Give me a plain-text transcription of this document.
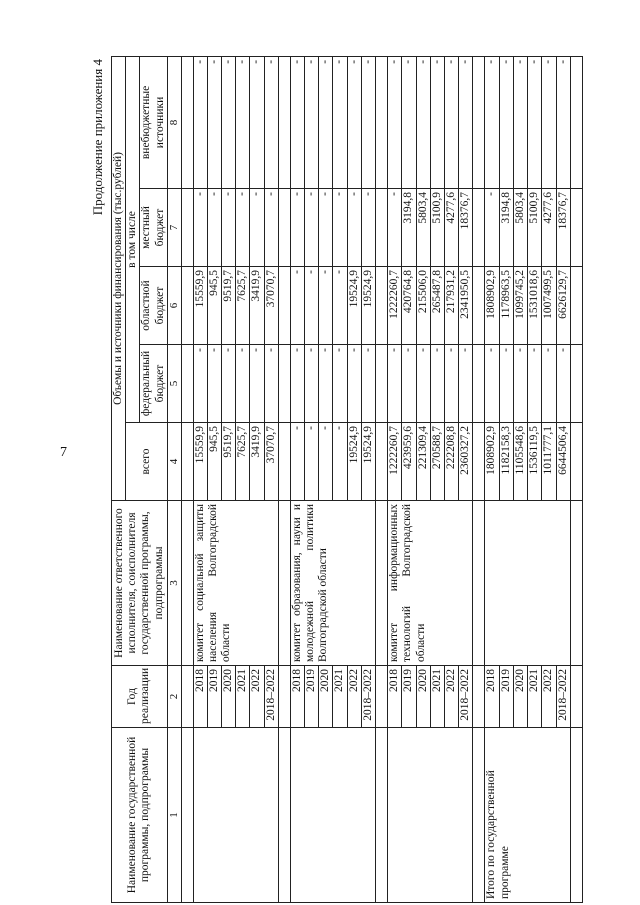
7
Продолжение приложения 4
Наименование государственной программы, подпрограммы	Год реализации	Наименование ответственного исполнителя, соисполнителя государственной программы, подпрограммы	Объемы и источники финансирования (тыс.рублей)				
			всего	в том числе			
				федеральный бюджет	областной бюджет	местный бюджет	внебюджетные источники
1	2	3	4	5	6	7	8

	2018	комитет социальной защиты населения Волгоградской области	15559,9	-	15559,9	-	-
	2019		945,5	-	945,5	-	-
	2020		9519,7	-	9519,7	-	-
	2021		7625,7	-	7625,7	-	-
	2022		3419,9	-	3419,9	-	-
	2018–2022		37070,7	-	37070,7	-	-

	2018	комитет образования, науки и молодежной политики Волгоградской области	-	-	-	-	-
	2019		-	-	-	-	-
	2020		-	-	-	-	-
	2021		-	-	-	-	-
	2022		19524,9	-	19524,9	-	-
	2018–2022		19524,9	-	19524,9	-	-

	2018	комитет информационных технологий Волгоградской области	1222260,7	-	1222260,7	-	-
	2019		423959,6	-	420764,8	3194,8	-
	2020		221309,4	-	215506,0	5803,4	-
	2021		270588,7	-	265487,8	5100,9	-
	2022		222208,8	-	217931,2	4277,6	-
	2018–2022		2360327,2	-	2341950,5	18376,7	-

Итого по государственной программе	2018		1808902,9	-	1808902,9	-	-
	2019		1182158,3	-	1178963,5	3194,8	-
	2020		1105548,6	-	1099745,2	5803,4	-
	2021		1536119,5	-	1531018,6	5100,9	-
	2022		1011777,1	-	1007499,5	4277,6	-
	2018–2022		6644506,4	-	6626129,7	18376,7	-
